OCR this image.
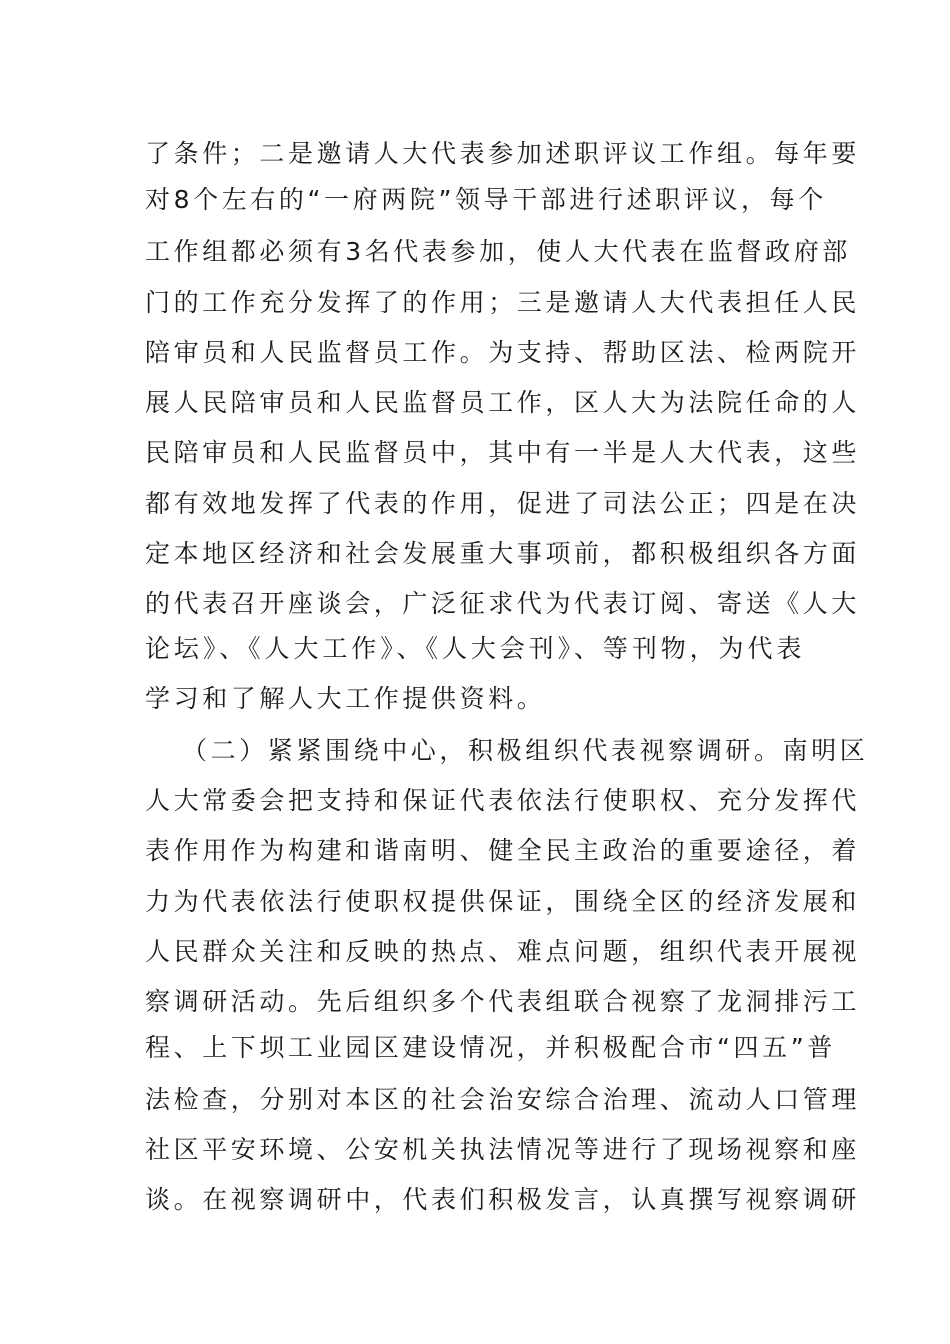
了条件；二是邀请人大代表参加述职评议工作组。每年要
对8个左右的“一府两院”领导干部进行述职评议，每个
工作组都必须有3名代表参加，使人大代表在监督政府部
门的工作充分发挥了的作用；三是邀请人大代表担任人民
陪审员和人民监督员工作。为支持、帮助区法、检两院开
展人民陪审员和人民监督员工作，区人大为法院任命的人
民陪审员和人民监督员中，其中有一半是人大代表，这些
都有效地发挥了代表的作用，促进了司法公正；四是在决
定本地区经济和社会发展重大事项前，都积极组织各方面
的代表召开座谈会，广泛征求代为代表订阅、寄送《人大
论坛》、《人大工作》、《人大会刊》、等刊物，为代表
学习和了解人大工作提供资料。
（二）紧紧围绕中心，积极组织代表视察调研。南明区
人大常委会把支持和保证代表依法行使职权、充分发挥代
表作用作为构建和谐南明、健全民主政治的重要途径，着
力为代表依法行使职权提供保证，围绕全区的经济发展和
人民群众关注和反映的热点、难点问题，组织代表开展视
察调研活动。先后组织多个代表组联合视察了龙洞排污工
程、上下坝工业园区建设情况，并积极配合市“四五”普
法检查，分别对本区的社会治安综合治理、流动人口管理
社区平安环境、公安机关执法情况等进行了现场视察和座
谈。在视察调研中，代表们积极发言，认真撰写视察调研
